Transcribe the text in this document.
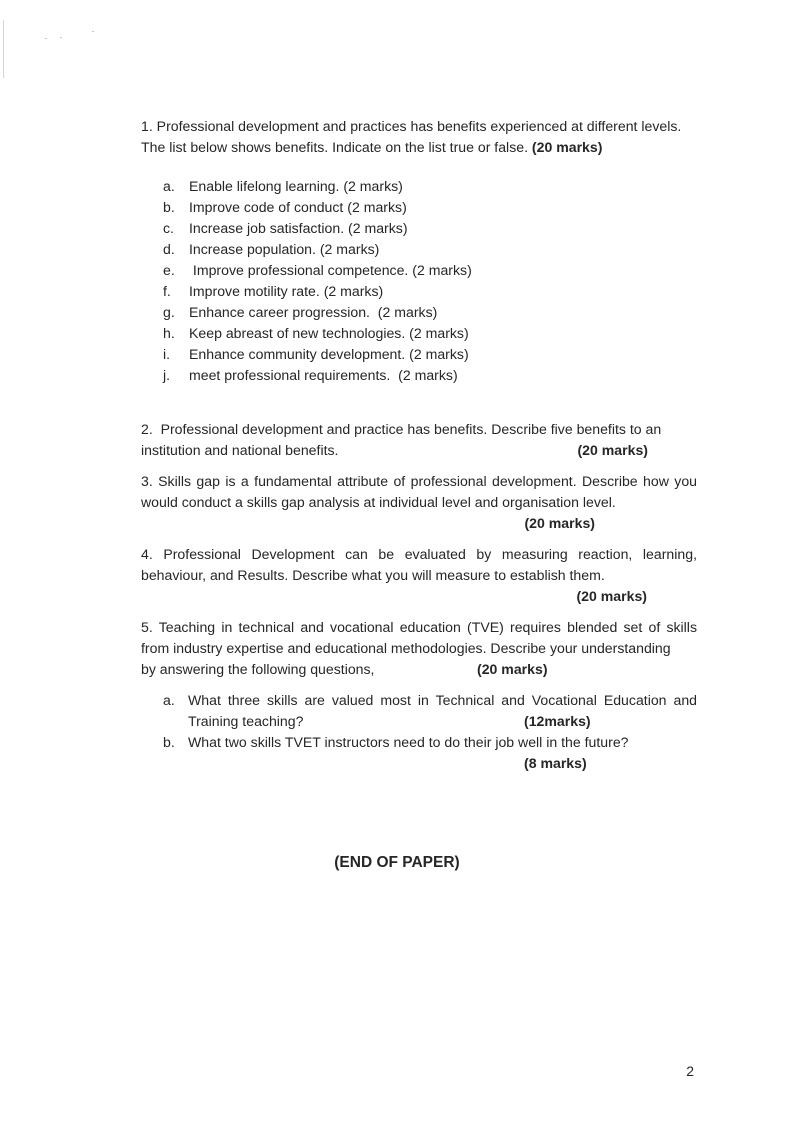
1. Professional development and practices has benefits experienced at different levels. The list below shows benefits. Indicate on the list true or false. (20 marks)

a.	Enable lifelong learning. (2 marks)
b.	Improve code of conduct (2 marks)
c.	Increase job satisfaction. (2 marks)
d.	Increase population. (2 marks)
e.	Improve professional competence. (2 marks)
f.	Improve motility rate. (2 marks)
g.	Enhance career progression.  (2 marks)
h.	Keep abreast of new technologies. (2 marks)
i.	Enhance community development. (2 marks)
j.	meet professional requirements.  (2 marks)

2.  Professional development and practice has benefits. Describe five benefits to an

institution and national benefits.	(20 marks)

3. Skills gap is a fundamental attribute of professional development. Describe how you would conduct a skills gap analysis at individual level and organisation level.

(20 marks)

4. Professional Development can be evaluated by measuring reaction, learning, behaviour, and Results. Describe what you will measure to establish them.

(20 marks)

5. Teaching in technical and vocational education (TVE) requires blended set of skills from industry expertise and educational methodologies. Describe your understanding

by answering the following questions,	(20 marks)
a. What three skills are valued most in Technical and Vocational Education and

Training teaching?	(12marks)
b. What two skills TVET instructors need to do their job well in the future?

(8 marks)
(END OF PAPER)
2
